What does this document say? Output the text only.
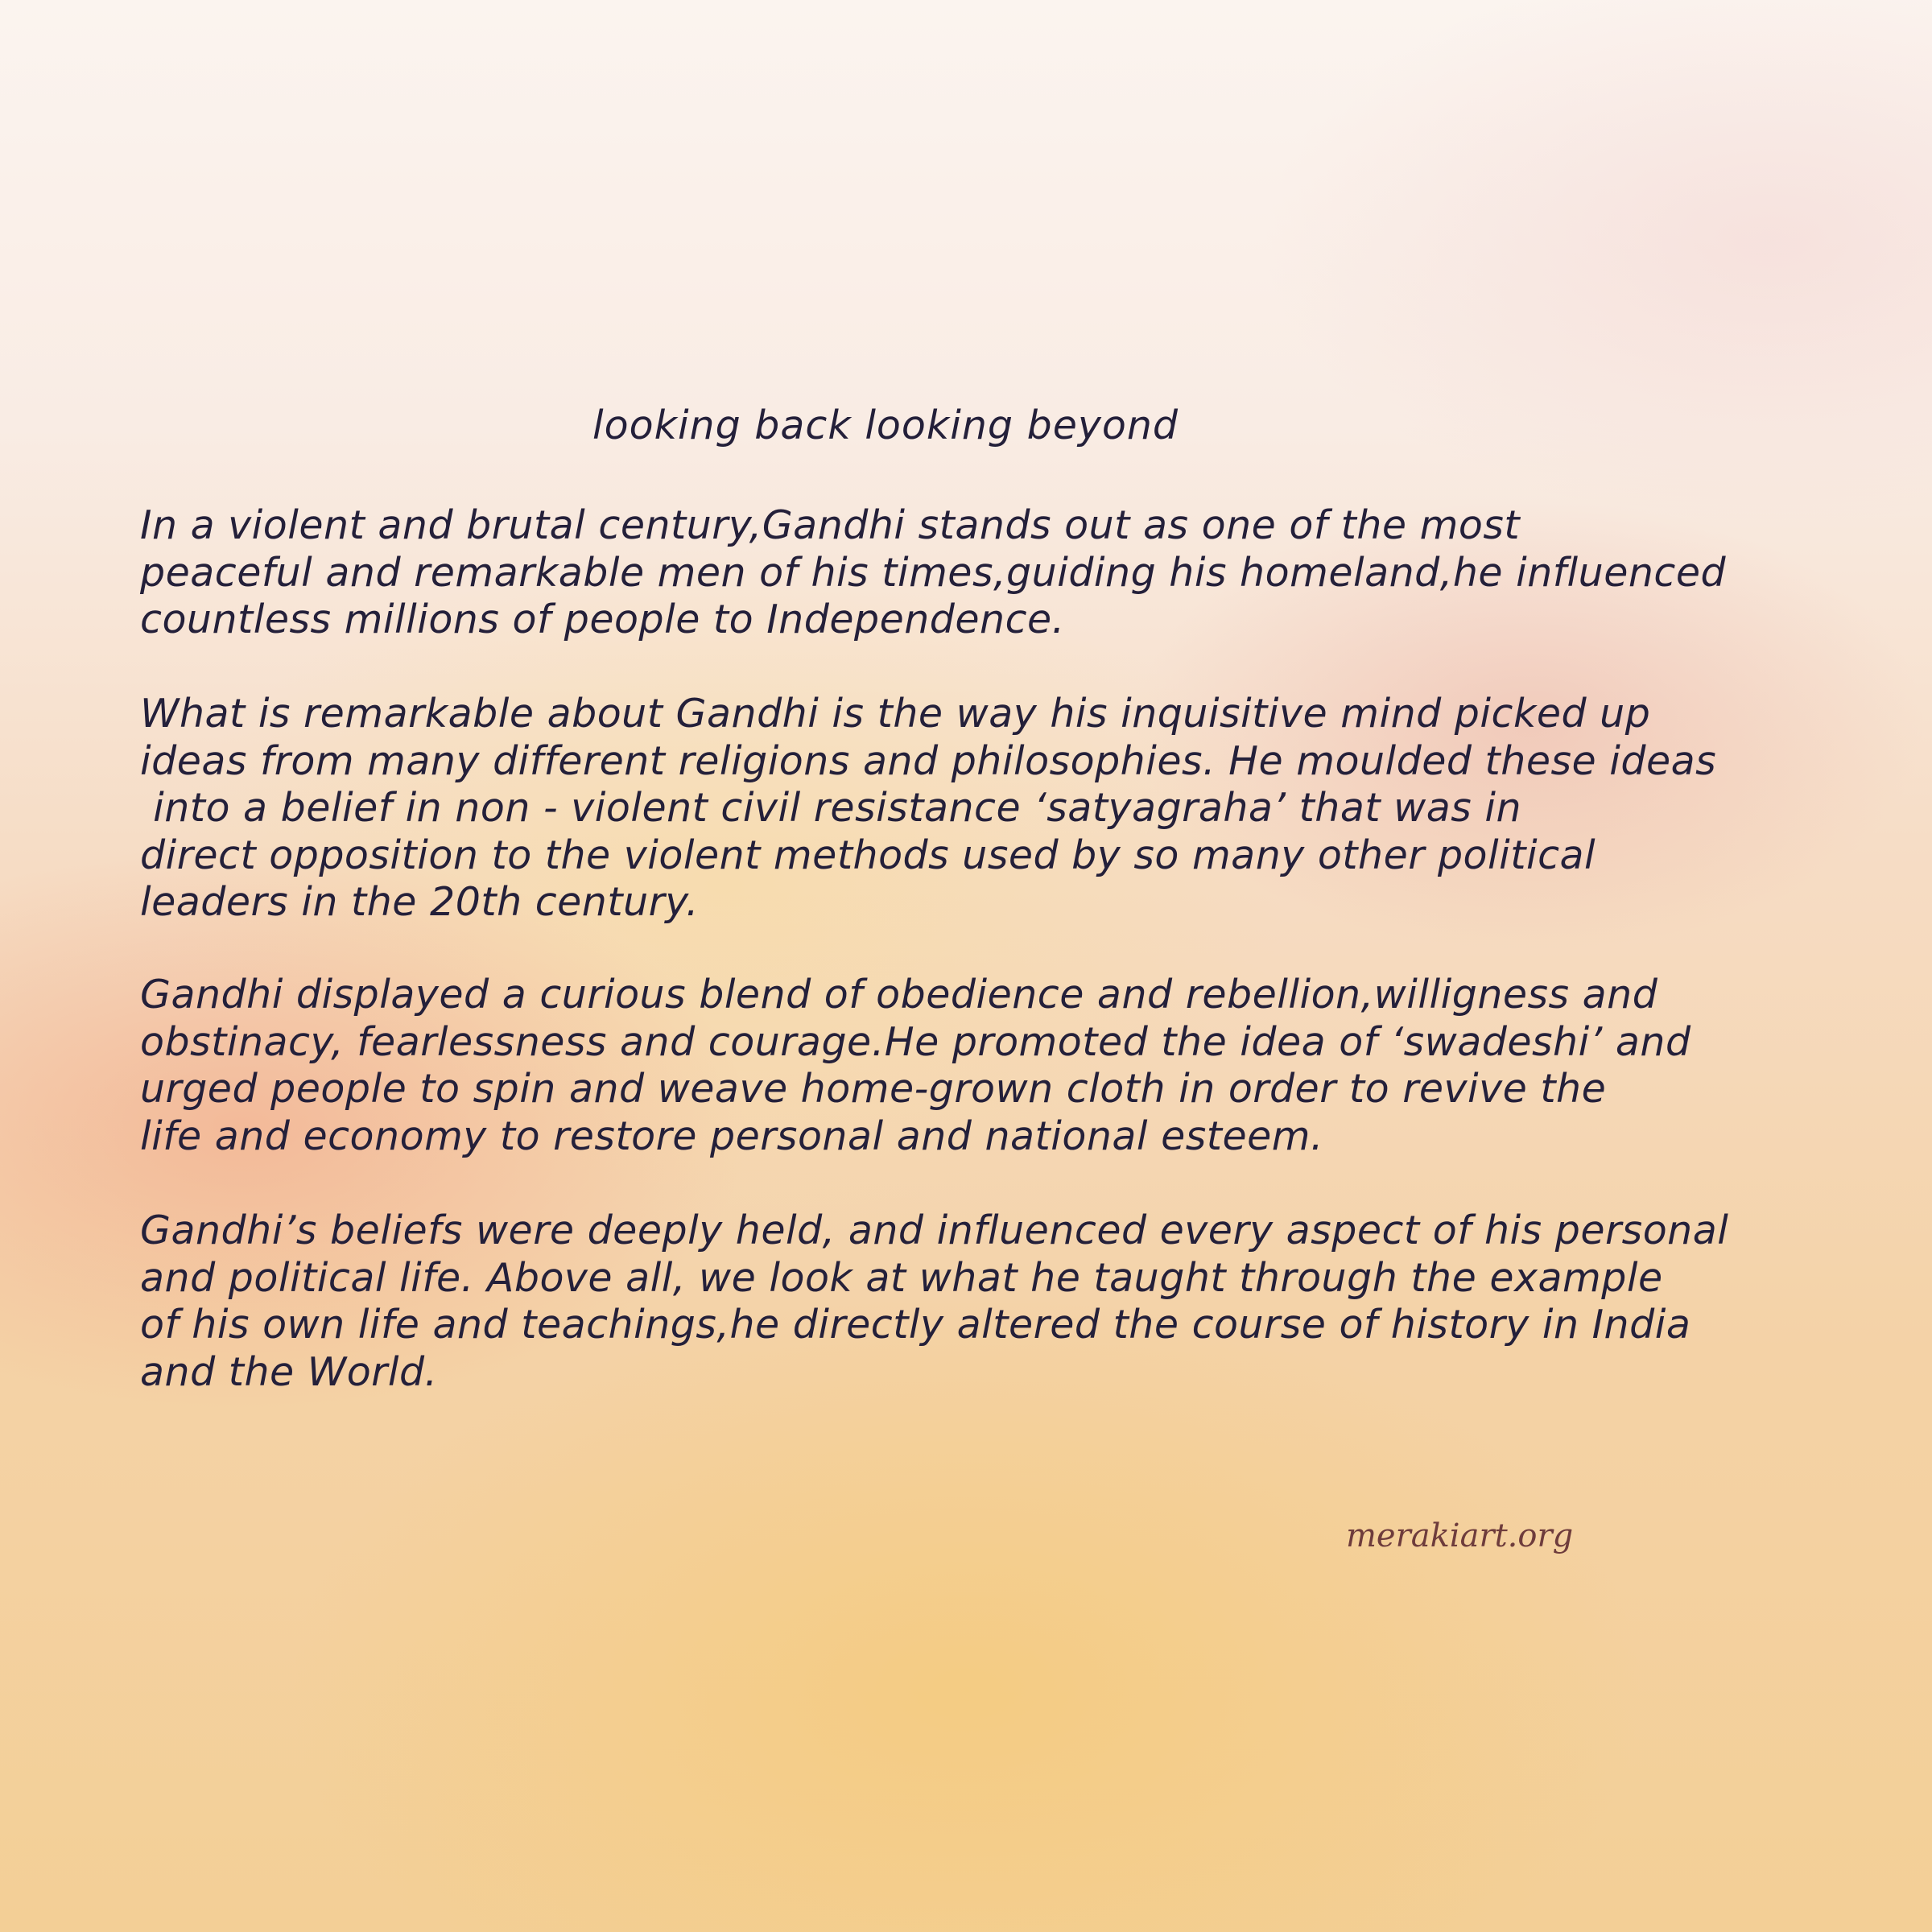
looking back looking beyond
In a violent and brutal century,Gandhi stands out as one of the most
peaceful and remarkable men of his times,guiding his homeland,he influenced
countless millions of people to Independence.
What is remarkable about Gandhi is the way his inquisitive mind picked up
ideas from many different religions and philosophies. He moulded these ideas
into a belief in non - violent civil resistance ‘satyagraha’ that was in
direct opposition to the violent methods used by so many other political
leaders in the 20th century.
Gandhi displayed a curious blend of obedience and rebellion,willigness and
obstinacy, fearlessness and courage.He promoted the idea of ‘swadeshi’ and
urged people to spin and weave home-grown cloth in order to revive the
life and economy to restore personal and national esteem.
Gandhi’s beliefs were deeply held, and influenced every aspect of his personal
and political life. Above all, we look at what he taught through the example
of his own life and teachings,he directly altered the course of history in India
and the World.
merakiart.org
